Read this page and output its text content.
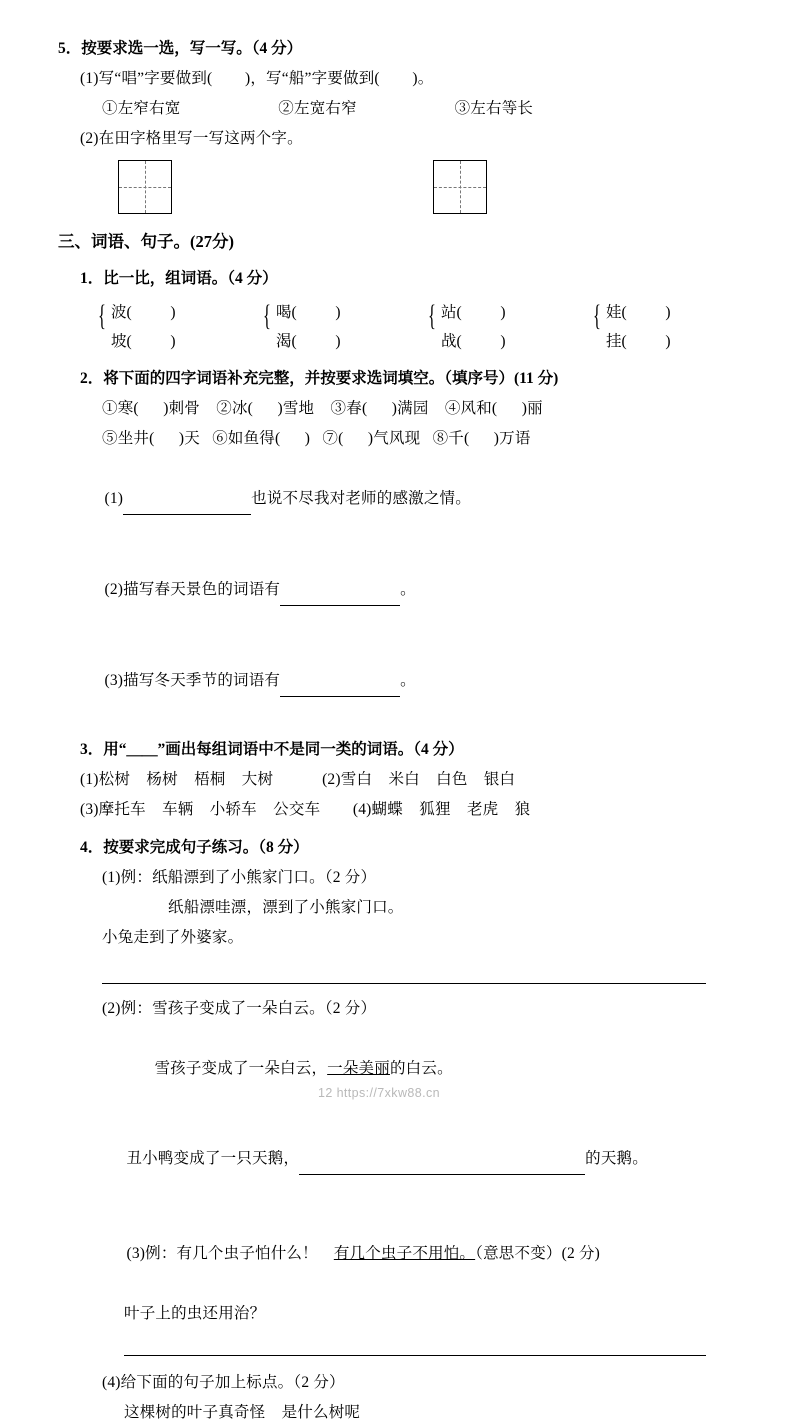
5．按要求选一选，写一写。（4 分）
(1)写“唱”字要做到(        )，写“船”字要做到(        )。
①左窄右宽                        ②左宽右窄                        ③左右等长
(2)在田字格里写一写这两个字。
三、词语、句子。(27分)
1．比一比，组词语。（4 分）
{ 波(          )
坡(          )
{ 喝(          )
渴(          )
{ 站(          )
战(          )
{ 娃(          )
挂(          )
2．将下面的四字词语补充完整，并按要求选词填空。（填序号）(11 分)
①寒(      )刺骨    ②冰(      )雪地    ③春(      )满园    ④风和(      )丽
⑤坐井(      )天   ⑥如鱼得(      )   ⑦(      )气风现   ⑧千(      )万语

(1)	也说不尽我对老师的感激之情。

(2)描写春天景色的词语有	。

(3)描写冬天季节的词语有	。

3．用“＿＿”画出每组词语中不是同一类的词语。（4 分）
(1)松树    杨树    梧桐    大树            (2)雪白    米白    白色    银白
(3)摩托车    车辆    小轿车    公交车        (4)蝴蝶    狐狸    老虎    狼
4．按要求完成句子练习。（8 分）
(1)例：纸船漂到了小熊家门口。（2 分）
纸船漂哇漂，漂到了小熊家门口。
小兔走到了外婆家。
(2)例：雪孩子变成了一朵白云。（2 分）

雪孩子变成了一朵白云，一朵美丽的白云。

丑小鸭变成了一只天鹅，	的天鹅。

(3)例：有几个虫子怕什么！ 有几个虫子不用怕。（意思不变）(2 分)

叶子上的虫还用治？
(4)给下面的句子加上标点。（2 分）
这棵树的叶子真奇怪    是什么树呢
12 https://7xkw88.cn
